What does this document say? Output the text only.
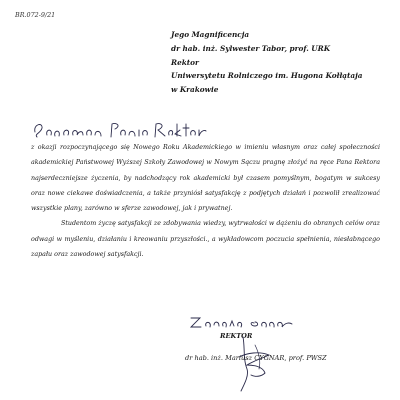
BR.072-9/21
Jego Magnificencja
dr hab. inż. Sylwester Tabor, prof. URK
Rektor
Uniwersytetu Rolniczego im. Hugona Kołłątaja
w Krakowie

z okazji rozpoczynającego się Nowego Roku Akademickiego w imieniu własnym oraz całej społeczności akademickiej Państwowej Wyższej Szkoły Zawodowej w Nowym Sączu pragnę złożyć na ręce Pana Rektora najserdeczniejsze życzenia, by nadchodzący rok akademicki był czasem pomyślnym, bogatym w sukcesy oraz nowe ciekawe doświadczenia, a także przyniósł satysfakcję z podjętych działań i pozwolił zrealizować wszystkie plany, zarówno w sferze zawodowej, jak i prywatnej.

Studentom życzę satysfakcji ze zdobywania wiedzy, wytrwałości w dążeniu do obranych celów oraz odwagi w myśleniu, działaniu i kreowaniu przyszłości., a wykładowcom poczucia spełnienia, niesłabnącego zapału oraz zawodowej satysfakcji.

REKTOR
dr hab. inż. Mariusz CYGNAR, prof. PWSZ
